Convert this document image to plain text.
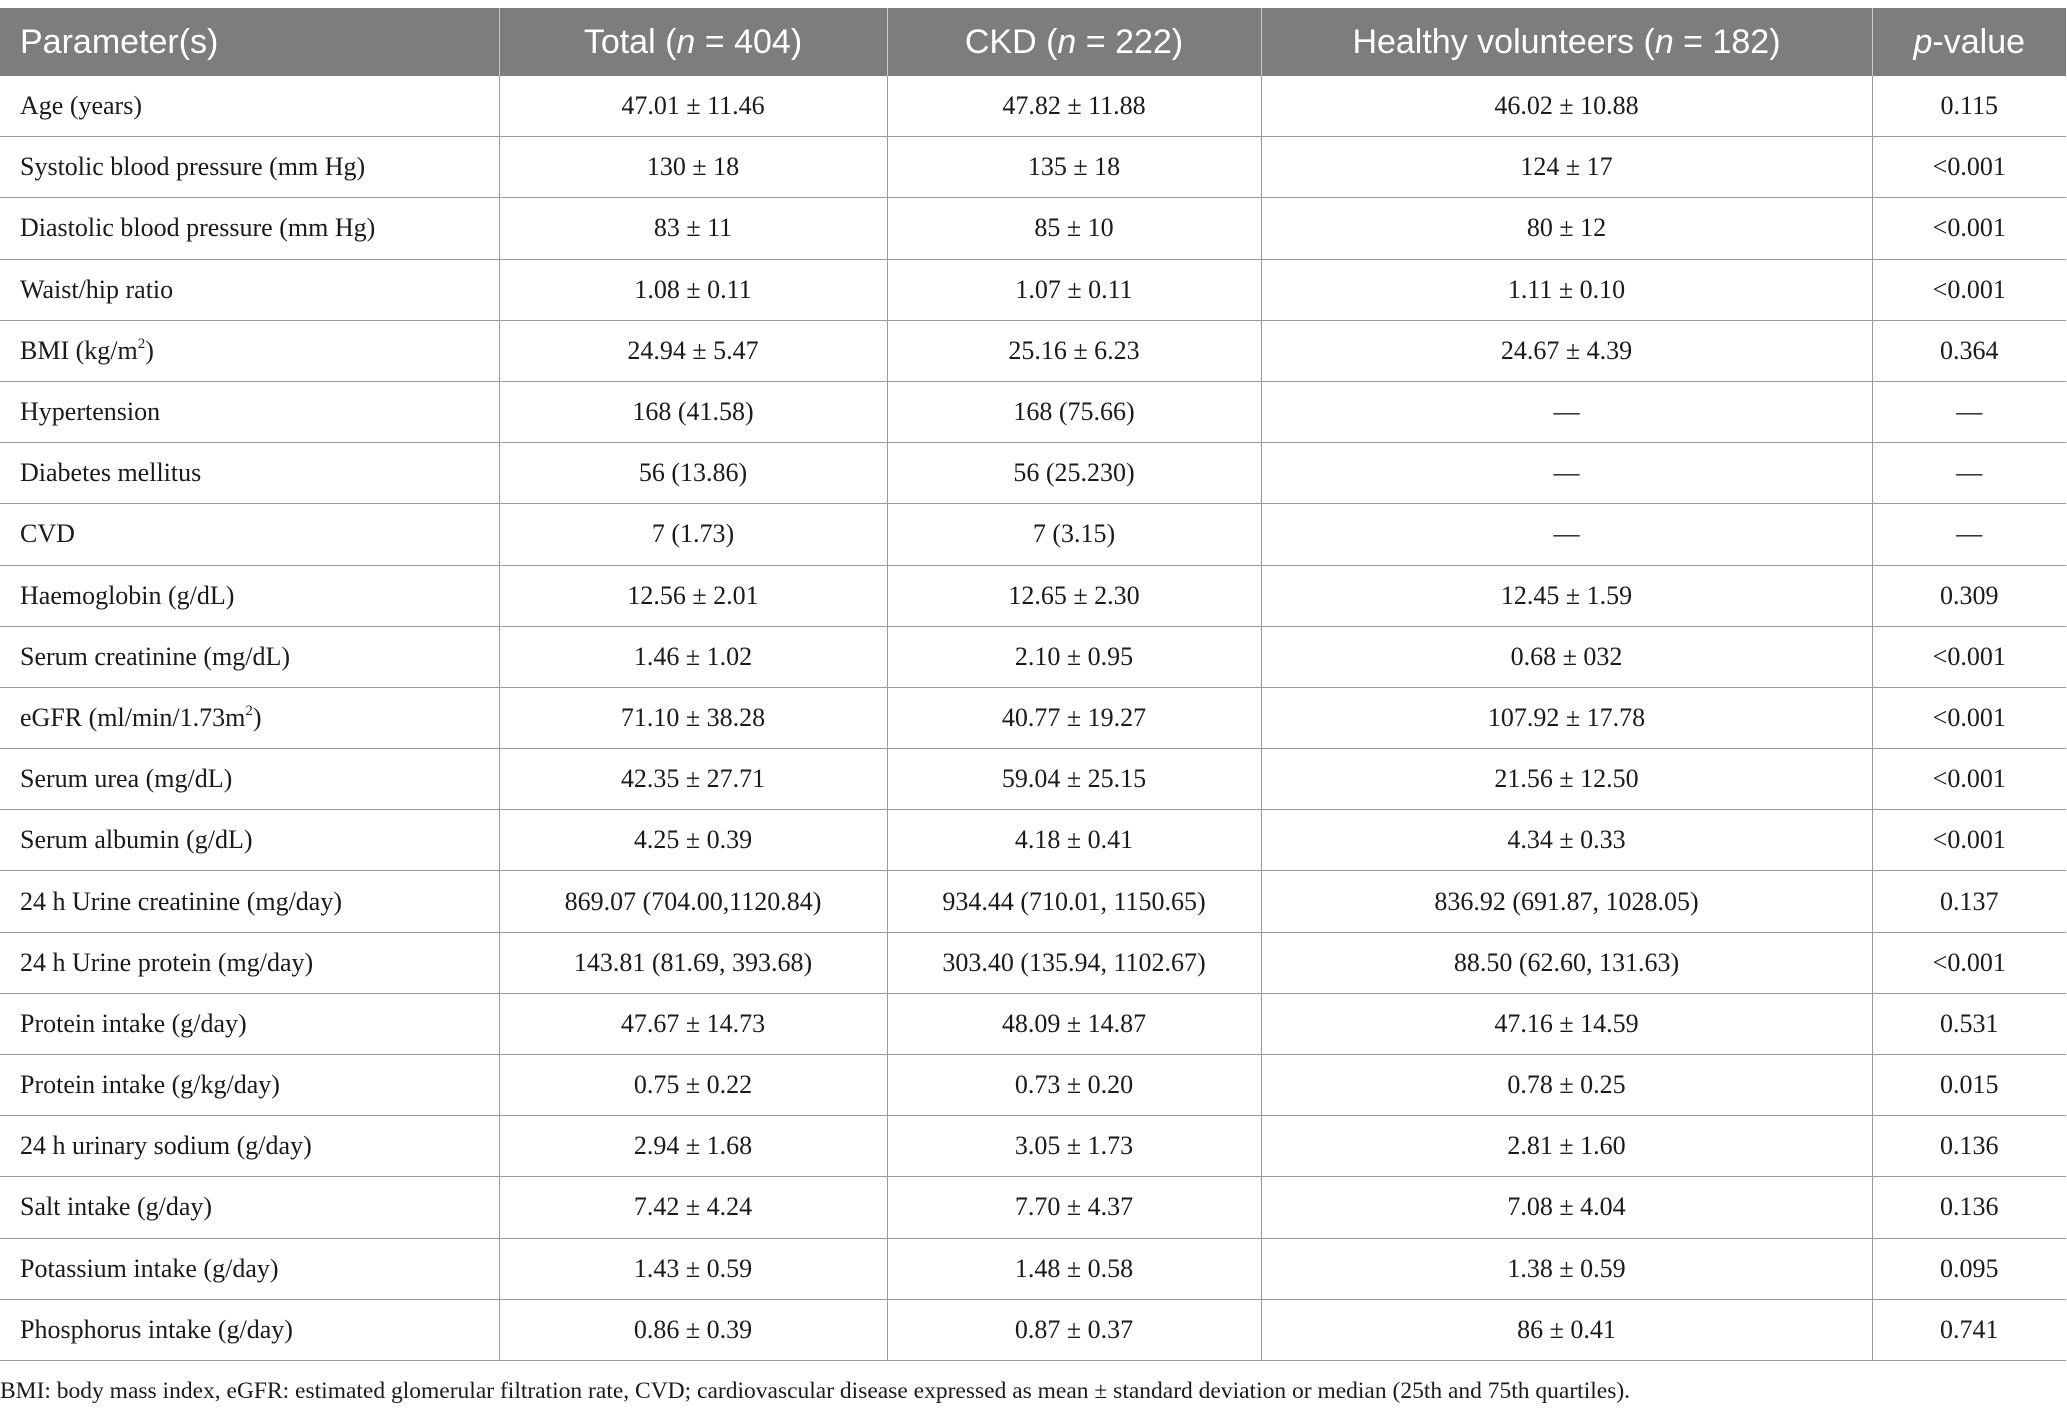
Parameter(s)	Total (n = 404)	CKD (n = 222)	Healthy volunteers (n = 182)	p-value
Age (years)	47.01 ± 11.46	47.82 ± 11.88	46.02 ± 10.88	0.115
Systolic blood pressure (mm Hg)	130 ± 18	135 ± 18	124 ± 17	<0.001
Diastolic blood pressure (mm Hg)	83 ± 11	85 ± 10	80 ± 12	<0.001
Waist/hip ratio	1.08 ± 0.11	1.07 ± 0.11	1.11 ± 0.10	<0.001
BMI $(kg/m^2)$	24.94 ± 5.47	25.16 ± 6.23	24.67 ± 4.39	0.364
Hypertension	168 (41.58)	168 (75.66)	—	—
Diabetes mellitus	56 (13.86)	56 (25.230)	—	—
CVD	7 (1.73)	7 (3.15)	—	—
Haemoglobin (g/dL)	12.56 ± 2.01	12.65 ± 2.30	12.45 ± 1.59	0.309
Serum creatinine (mg/dL)	1.46 ± 1.02	2.10 ± 0.95	0.68 ± 032	<0.001
eGFR $(ml/\min/1.73m^2)$	71.10 ± 38.28	40.77 ± 19.27	107.92 ± 17.78	<0.001
Serum urea (mg/dL)	42.35 ± 27.71	59.04 ± 25.15	21.56 ± 12.50	<0.001
Serum albumin (g/dL)	4.25 ± 0.39	4.18 ± 0.41	4.34 ± 0.33	<0.001
24 h Urine creatinine (mg/day)	869.07 (704.00,1120.84)	934.44 (710.01, 1150.65)	836.92 (691.87, 1028.05)	0.137
24 h Urine protein (mg/day)	143.81 (81.69, 393.68)	303.40 (135.94, 1102.67)	88.50 (62.60, 131.63)	<0.001
Protein intake (g/day)	47.67 ± 14.73	48.09 ± 14.87	47.16 ± 14.59	0.531
Protein intake (g/kg/day)	0.75 ± 0.22	0.73 ± 0.20	0.78 ± 0.25	0.015
24 h urinary sodium (g/day)	2.94 ± 1.68	3.05 ± 1.73	2.81 ± 1.60	0.136
Salt intake (g/day)	7.42 ± 4.24	7.70 ± 4.37	7.08 ± 4.04	0.136
Potassium intake (g/day)	1.43 ± 0.59	1.48 ± 0.58	1.38 ± 0.59	0.095
Phosphorus intake (g/day)	0.86 ± 0.39	0.87 ± 0.37	86 ± 0.41	0.741
BMI: body mass index, eGFR: estimated glomerular filtration rate, CVD; cardiovascular disease expressed as mean ± standard deviation or median (25th and 75th quartiles).
